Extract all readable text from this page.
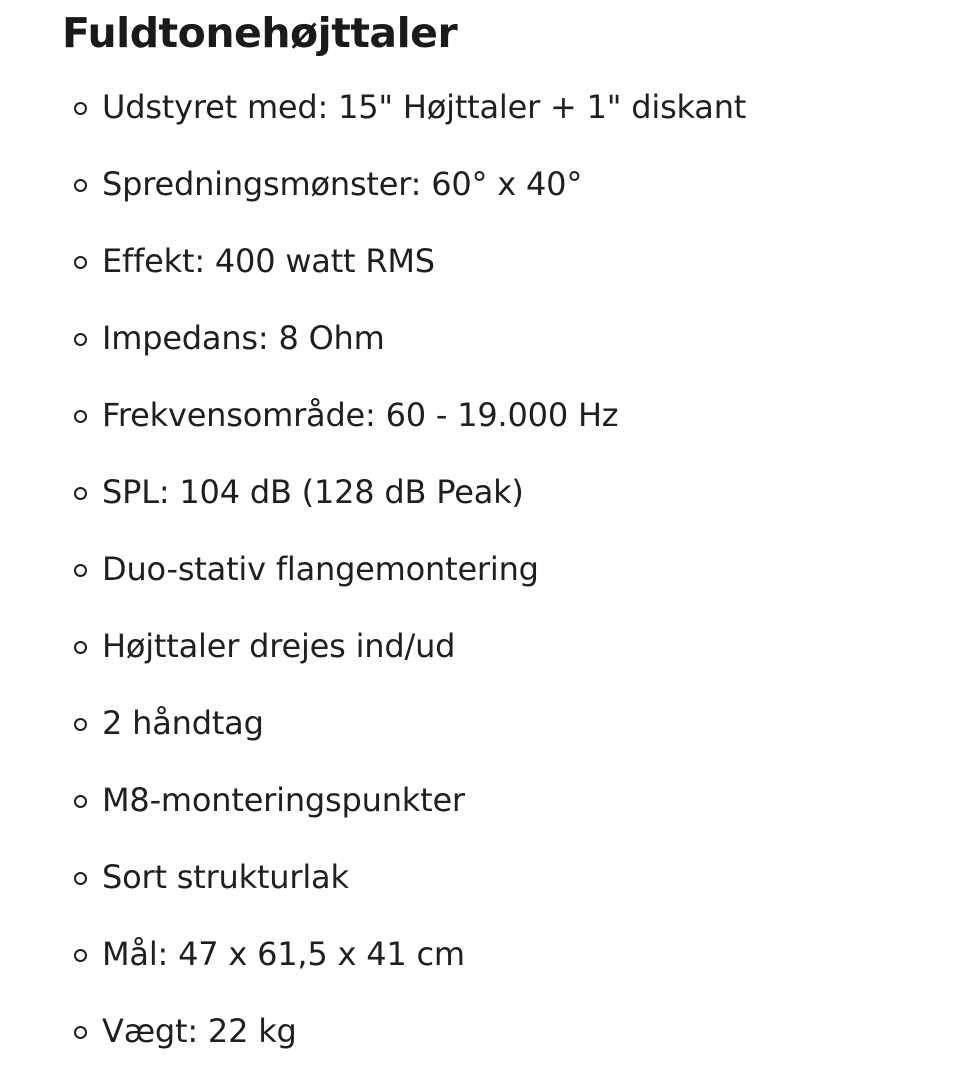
Fuldtonehøjttaler
Udstyret med: 15" Højttaler + 1" diskant
Spredningsmønster: 60° x 40°
Effekt: 400 watt RMS
Impedans: 8 Ohm
Frekvensområde: 60 - 19.000 Hz
SPL: 104 dB (128 dB Peak)
Duo-stativ flangemontering
Højttaler drejes ind/ud
2 håndtag
M8-monteringspunkter
Sort strukturlak
Mål: 47 x 61,5 x 41 cm
Vægt: 22 kg
